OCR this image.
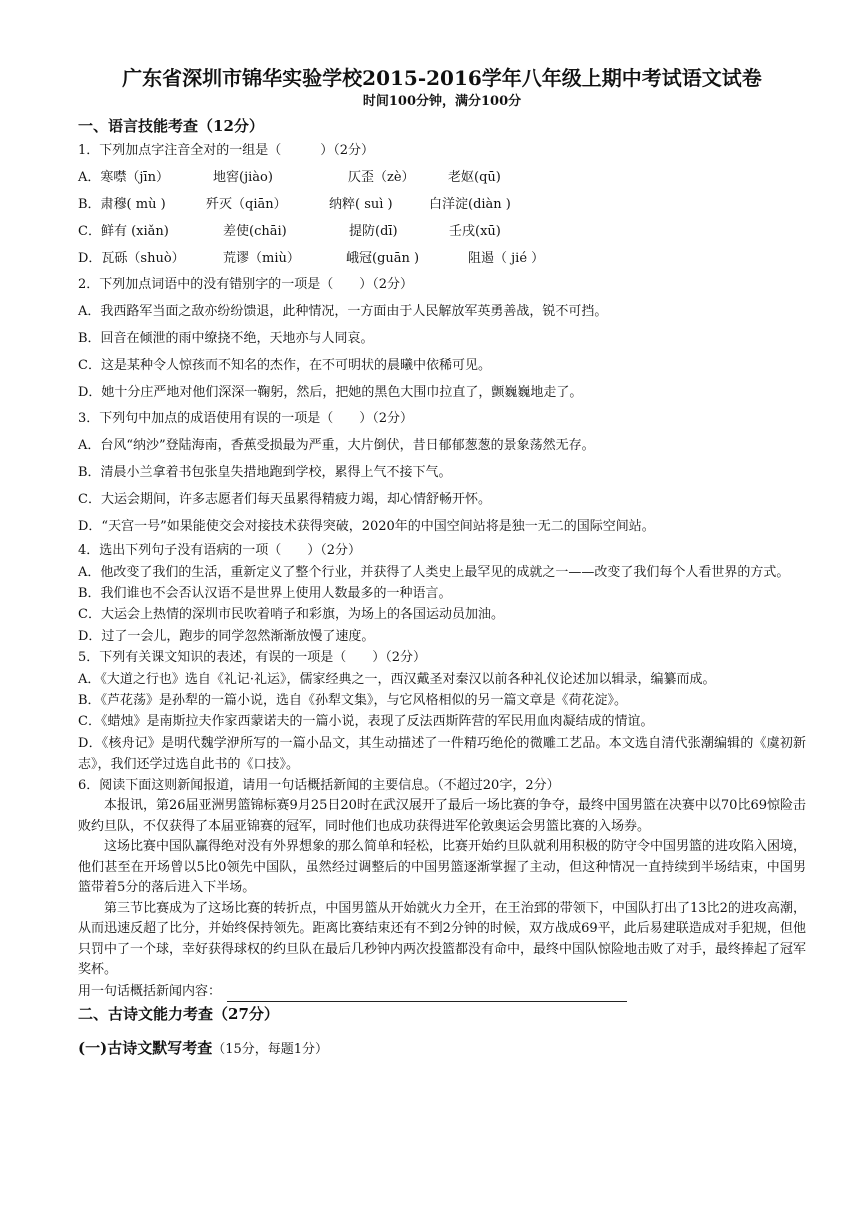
广东省深圳市锦华实验学校2015-2016学年八年级上期中考试语文试卷
时间100分钟，满分100分
一、语言技能考查（12分）
1．下列加点字注音全对的一组是（　　　）（2分）
A．寒噤（jīn）	地窖(jiào)	仄歪（zè）	老妪(qū)
B．肃穆( mù )	歼灭（qiān）	纳粹( suì )	白洋淀(diàn )
C．鲜有 (xiǎn)	差使(chāi)	提防(dī)	壬戌(xū)
D．瓦砾（shuò）	荒谬（miù）	峨冠(guān )	阻遏（ jié ）
2．下列加点词语中的没有错别字的一项是（　　）（2分）
A．我西路军当面之敌亦纷纷馈退，此种情况，一方面由于人民解放军英勇善战，锐不可挡。
B．回音在倾泄的雨中缭挠不绝，天地亦与人同哀。
C．这是某种令人惊孩而不知名的杰作，在不可明状的晨曦中依稀可见。
D．她十分庄严地对他们深深一鞠躬，然后，把她的黑色大围巾拉直了，颤巍巍地走了。
3．下列句中加点的成语使用有误的一项是（　　）（2分）
A．台风“纳沙”登陆海南，香蕉受损最为严重，大片倒伏，昔日郁郁葱葱的景象荡然无存。
B．清晨小兰拿着书包张皇失措地跑到学校，累得上气不接下气。
C．大运会期间，许多志愿者们每天虽累得精疲力竭，却心情舒畅开怀。
D．“天宫一号”如果能使交会对接技术获得突破，2020年的中国空间站将是独一无二的国际空间站。
4．选出下列句子没有语病的一项（　　）（2分）
A．他改变了我们的生活，重新定义了整个行业，并获得了人类史上最罕见的成就之一——改变了我们每个人看世界的方式。
B．我们谁也不会否认汉语不是世界上使用人数最多的一种语言。
C．大运会上热情的深圳市民吹着哨子和彩旗，为场上的各国运动员加油。
D．过了一会儿，跑步的同学忽然渐渐放慢了速度。
5．下列有关课文知识的表述，有误的一项是（　　）（2分）
A．《大道之行也》选自《礼记·礼运》，儒家经典之一，西汉戴圣对秦汉以前各种礼仪论述加以辑录，编纂而成。
B．《芦花荡》是孙犁的一篇小说，选自《孙犁文集》，与它风格相似的另一篇文章是《荷花淀》。
C．《蜡烛》是南斯拉夫作家西蒙诺夫的一篇小说，表现了反法西斯阵营的军民用血肉凝结成的情谊。
D．《核舟记》是明代魏学洢所写的一篇小品文，其生动描述了一件精巧绝伦的微雕工艺品。本文选自清代张潮编辑的《虞初新志》，我们还学过选自此书的《口技》。
6．阅读下面这则新闻报道，请用一句话概括新闻的主要信息。（不超过20字，2分）
本报讯，第26届亚洲男篮锦标赛9月25日20时在武汉展开了最后一场比赛的争夺，最终中国男篮在决赛中以70比69惊险击败约旦队，不仅获得了本届亚锦赛的冠军，同时他们也成功获得进军伦敦奥运会男篮比赛的入场券。
这场比赛中国队赢得绝对没有外界想象的那么简单和轻松，比赛开始约旦队就利用积极的防守令中国男篮的进攻陷入困境，他们甚至在开场曾以5比0领先中国队，虽然经过调整后的中国男篮逐渐掌握了主动，但这种情况一直持续到半场结束，中国男篮带着5分的落后进入下半场。
第三节比赛成为了这场比赛的转折点，中国男篮从开始就火力全开，在王治郅的带领下，中国队打出了13比2的进攻高潮，从而迅速反超了比分，并始终保持领先。距离比赛结束还有不到2分钟的时候，双方战成69平，此后易建联造成对手犯规，但他只罚中了一个球，幸好获得球权的约旦队在最后几秒钟内两次投篮都没有命中，最终中国队惊险地击败了对手，最终捧起了冠军奖杯。
用一句话概括新闻内容：
二、古诗文能力考查（27分）
(一)古诗文默写考查（15分，每题1分）
